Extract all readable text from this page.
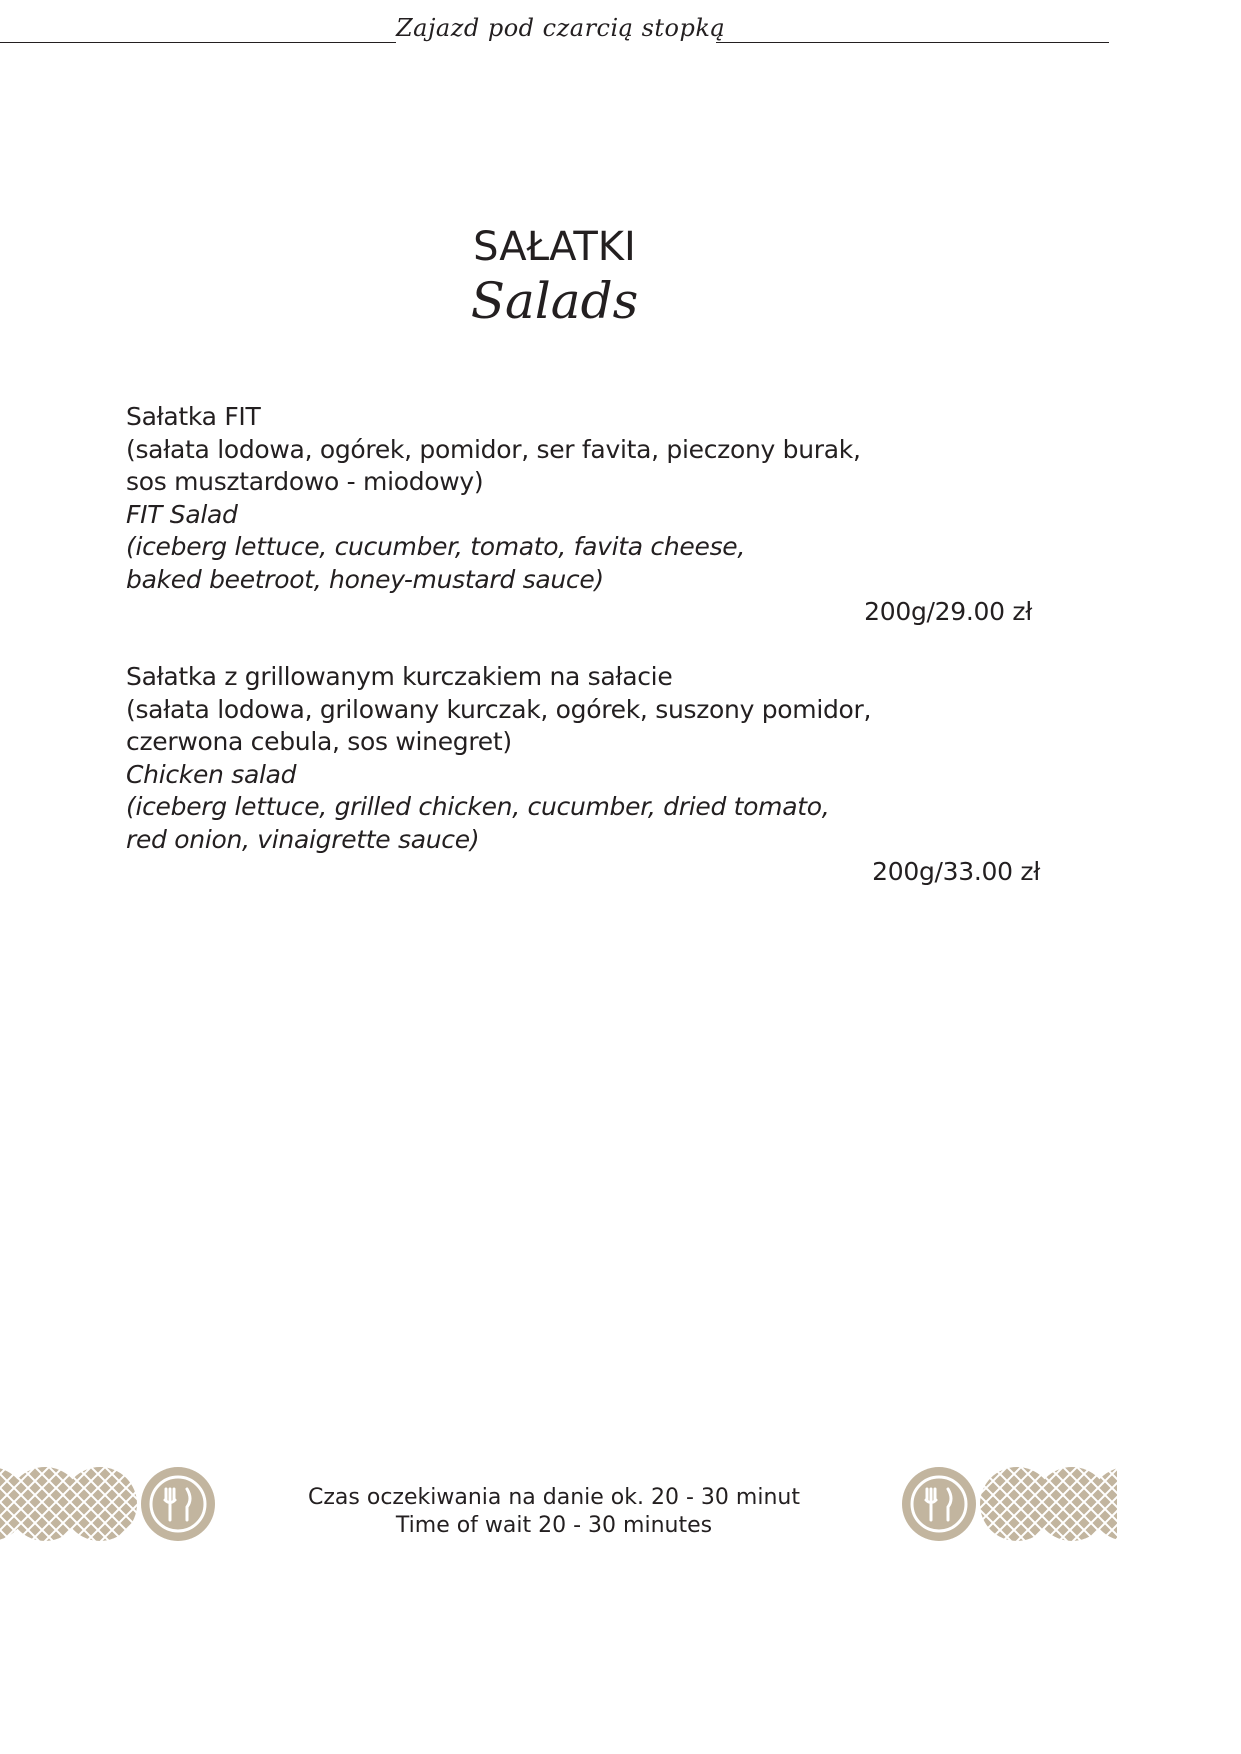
Zajazd pod czarcią stopką
SAŁATKI
Salads
Sałatka FIT
(sałata lodowa, ogórek, pomidor, ser favita, pieczony burak,
sos musztardowo - miodowy)
FIT Salad
(iceberg lettuce, cucumber, tomato, favita cheese,
baked beetroot, honey-mustard sauce)
200g/29.00 zł
Sałatka z grillowanym kurczakiem na sałacie
(sałata lodowa, grilowany kurczak, ogórek, suszony pomidor,
czerwona cebula, sos winegret)
Chicken salad
(iceberg lettuce, grilled chicken, cucumber, dried tomato,
red onion, vinaigrette sauce)
200g/33.00 zł
Czas oczekiwania na danie ok. 20 - 30 minut
Time of wait 20 - 30 minutes
